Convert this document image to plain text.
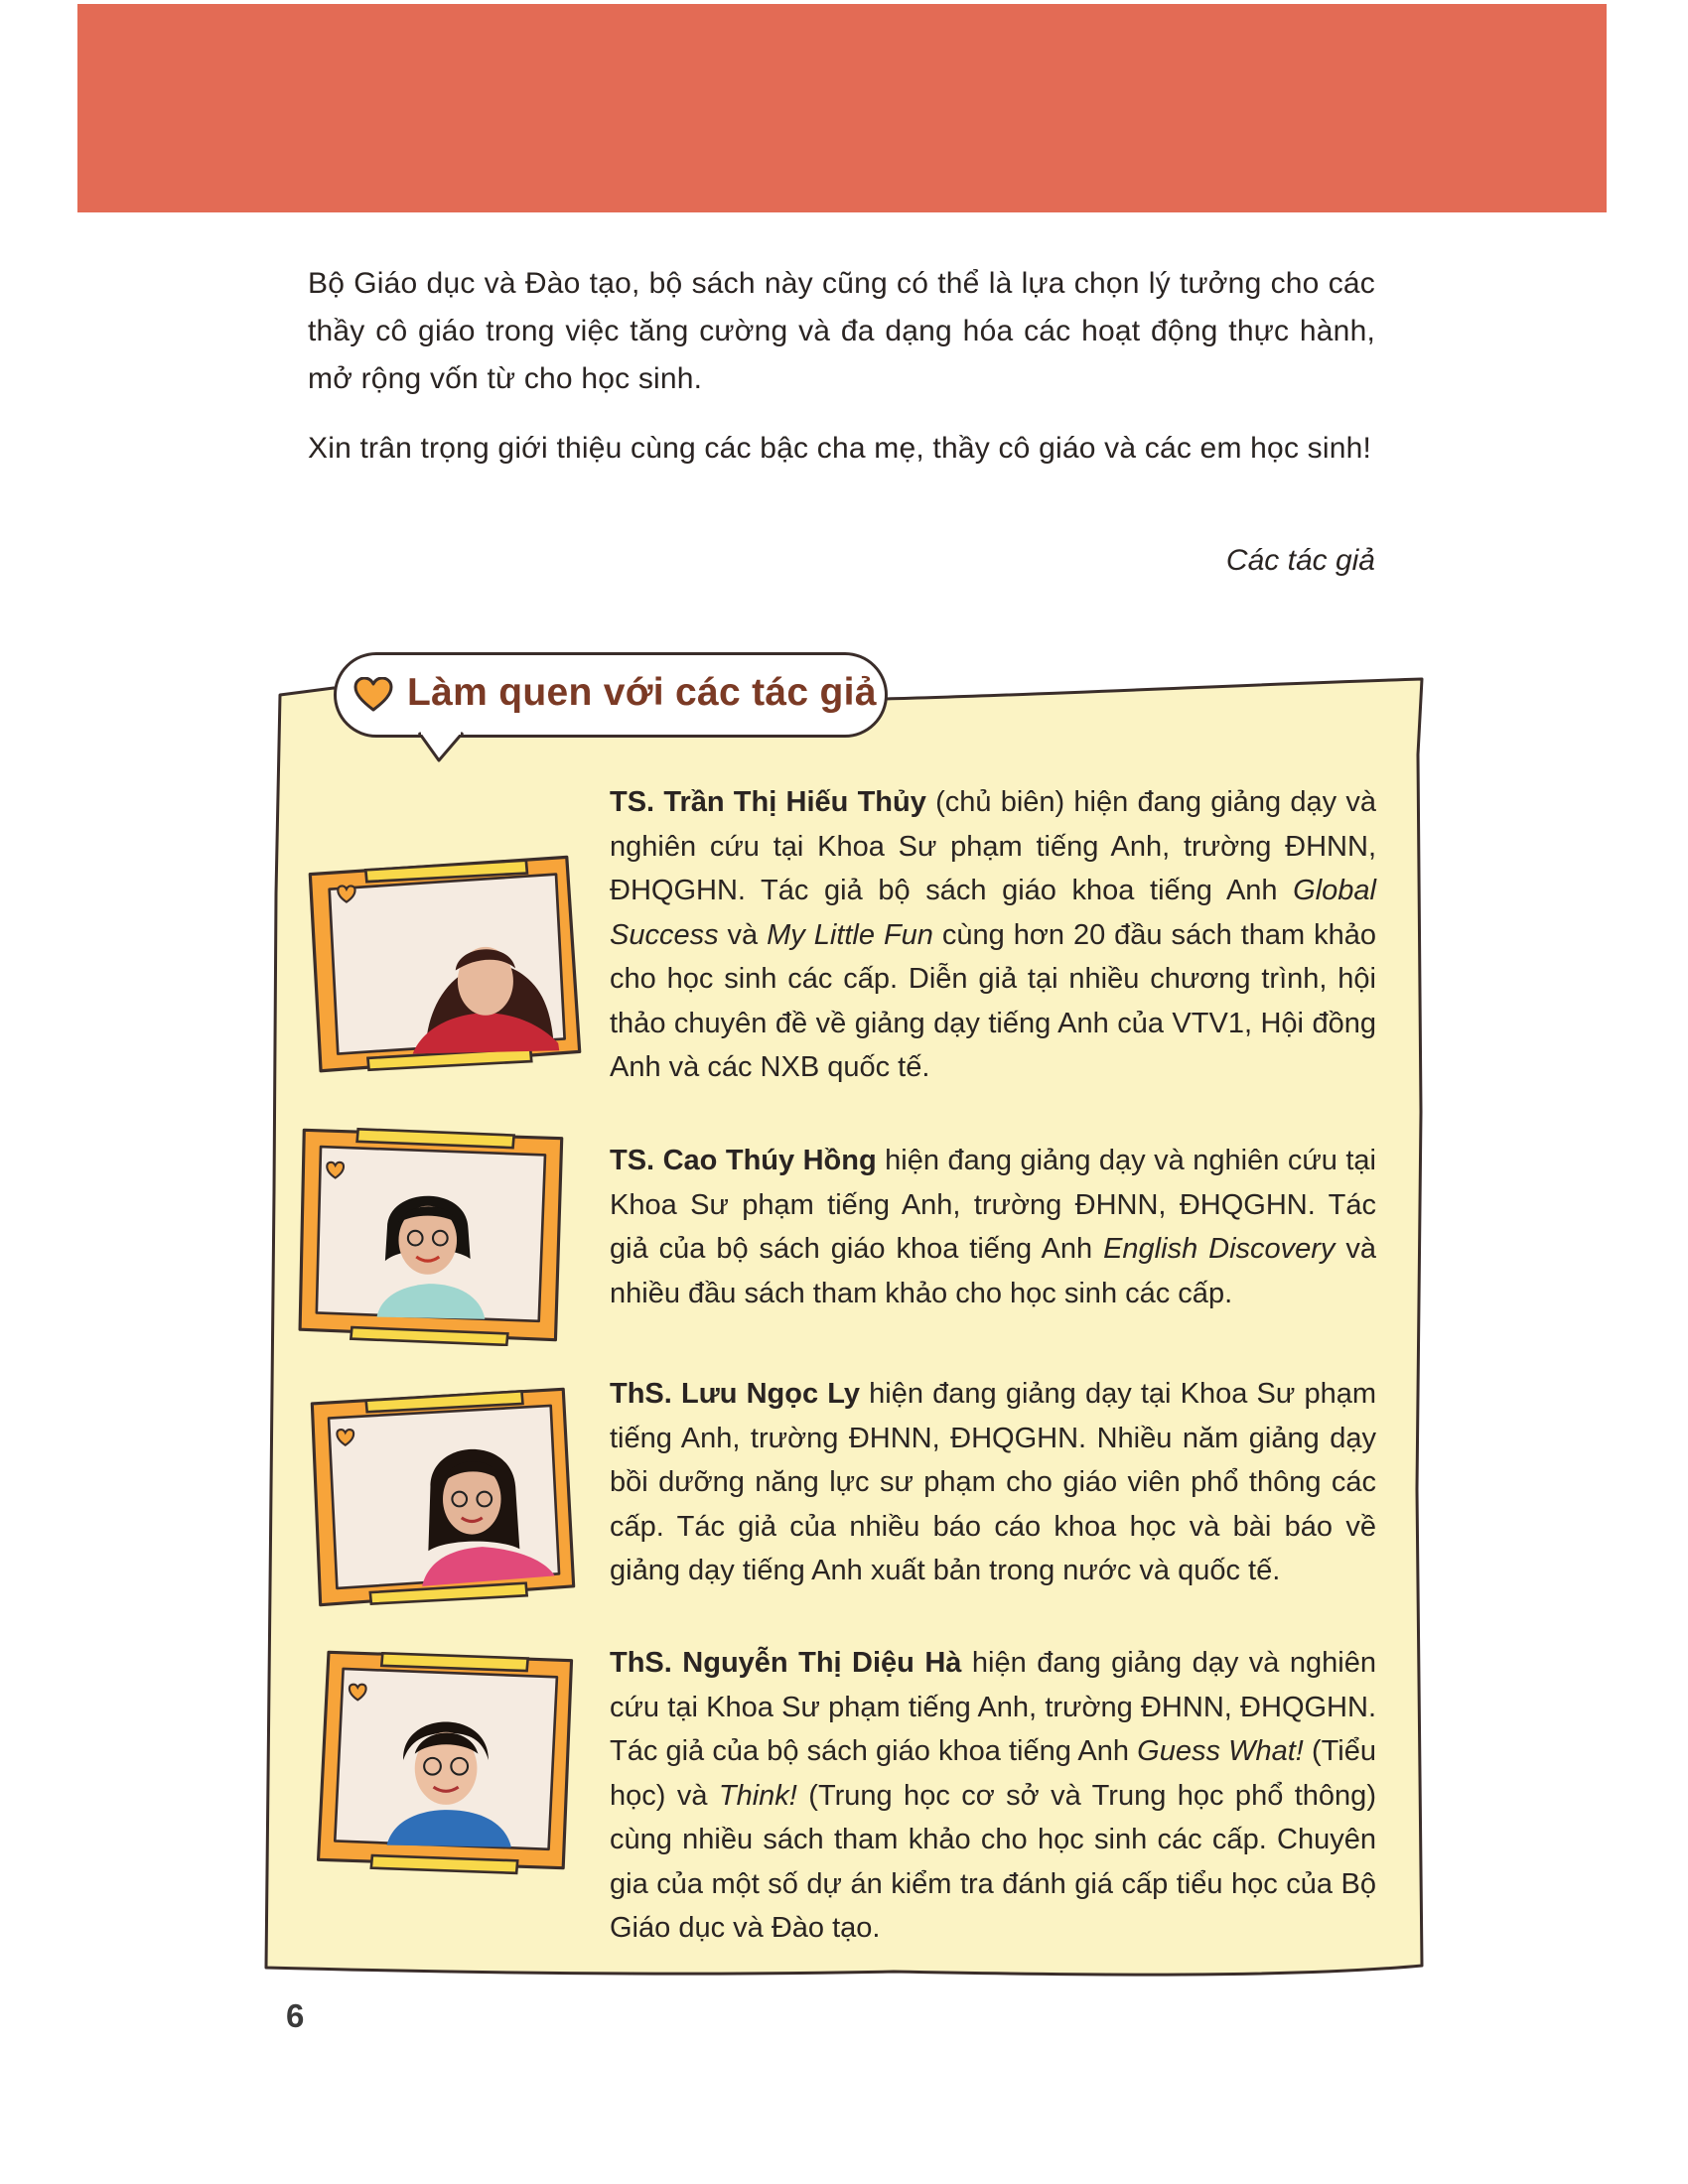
Bộ Giáo dục và Đào tạo, bộ sách này cũng có thể là lựa chọn lý tưởng cho các thầy cô giáo trong việc tăng cường và đa dạng hóa các hoạt động thực hành, mở rộng vốn từ cho học sinh.

Xin trân trọng giới thiệu cùng các bậc cha mẹ, thầy cô giáo và các em học sinh!

Các tác giả
Làm quen với các tác giả
TS. Trần Thị Hiếu Thủy (chủ biên) hiện đang giảng dạy và nghiên cứu tại Khoa Sư phạm tiếng Anh, trường ĐHNN, ĐHQGHN. Tác giả bộ sách giáo khoa tiếng Anh Global Success và My Little Fun cùng hơn 20 đầu sách tham khảo cho học sinh các cấp. Diễn giả tại nhiều chương trình, hội thảo chuyên đề về giảng dạy tiếng Anh của VTV1, Hội đồng Anh và các NXB quốc tế.
TS. Cao Thúy Hồng hiện đang giảng dạy và nghiên cứu tại Khoa Sư phạm tiếng Anh, trường ĐHNN, ĐHQGHN. Tác giả của bộ sách giáo khoa tiếng Anh English Discovery và nhiều đầu sách tham khảo cho học sinh các cấp.
ThS. Lưu Ngọc Ly hiện đang giảng dạy tại Khoa Sư phạm tiếng Anh, trường ĐHNN, ĐHQGHN. Nhiều năm giảng dạy bồi dưỡng năng lực sư phạm cho giáo viên phổ thông các cấp. Tác giả của nhiều báo cáo khoa học và bài báo về giảng dạy tiếng Anh xuất bản trong nước và quốc tế.
ThS. Nguyễn Thị Diệu Hà hiện đang giảng dạy và nghiên cứu tại Khoa Sư phạm tiếng Anh, trường ĐHNN, ĐHQGHN. Tác giả của bộ sách giáo khoa tiếng Anh Guess What! (Tiểu học) và Think! (Trung học cơ sở và Trung học phổ thông) cùng nhiều sách tham khảo cho học sinh các cấp. Chuyên gia của một số dự án kiểm tra đánh giá cấp tiểu học của Bộ Giáo dục và Đào tạo.
6
